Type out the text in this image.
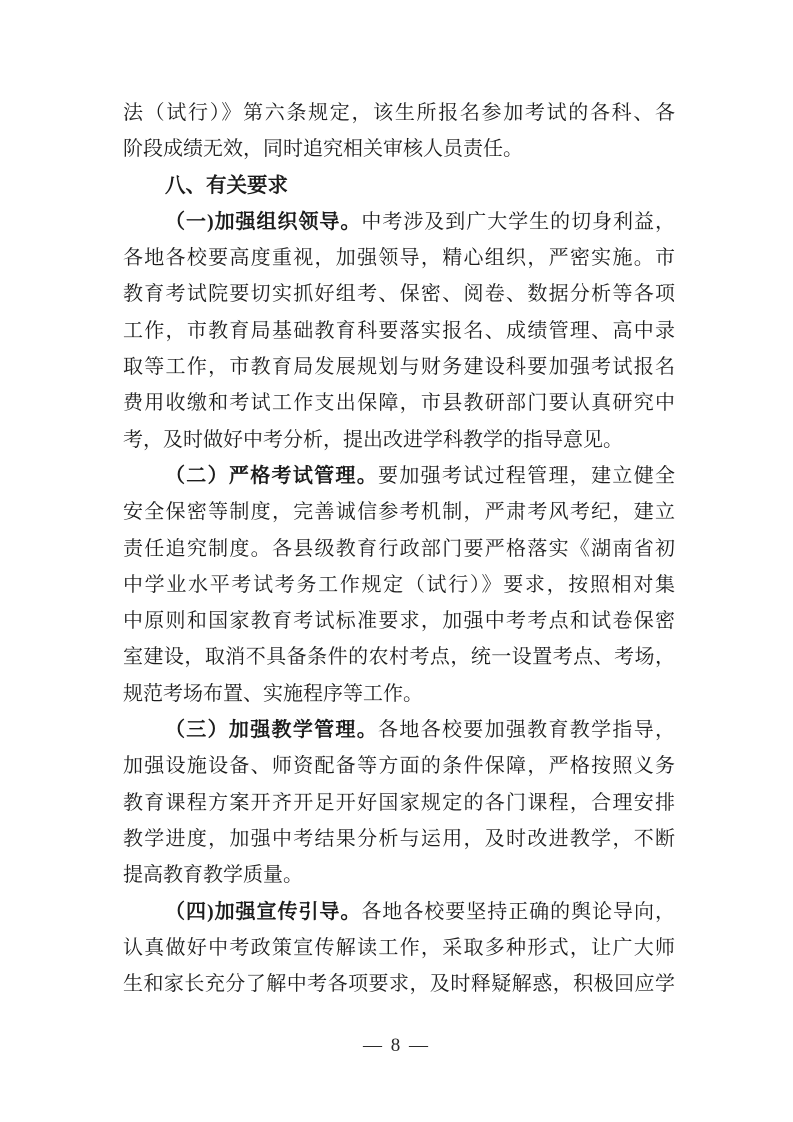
法（试行）》第六条规定，该生所报名参加考试的各科、各
阶段成绩无效，同时追究相关审核人员责任。
八、有关要求
（一)加强组织领导。中考涉及到广大学生的切身利益，
各地各校要高度重视，加强领导，精心组织，严密实施。市
教育考试院要切实抓好组考、保密、阅卷、数据分析等各项
工作，市教育局基础教育科要落实报名、成绩管理、高中录
取等工作，市教育局发展规划与财务建设科要加强考试报名
费用收缴和考试工作支出保障，市县教研部门要认真研究中
考，及时做好中考分析，提出改进学科教学的指导意见。
（二）严格考试管理。要加强考试过程管理，建立健全
安全保密等制度，完善诚信参考机制，严肃考风考纪，建立
责任追究制度。各县级教育行政部门要严格落实《湖南省初
中学业水平考试考务工作规定（试行）》要求，按照相对集
中原则和国家教育考试标准要求，加强中考考点和试卷保密
室建设，取消不具备条件的农村考点，统一设置考点、考场，
规范考场布置、实施程序等工作。
（三）加强教学管理。各地各校要加强教育教学指导，
加强设施设备、师资配备等方面的条件保障，严格按照义务
教育课程方案开齐开足开好国家规定的各门课程，合理安排
教学进度，加强中考结果分析与运用，及时改进教学，不断
提高教育教学质量。
（四)加强宣传引导。各地各校要坚持正确的舆论导向，
认真做好中考政策宣传解读工作，采取多种形式，让广大师
生和家长充分了解中考各项要求，及时释疑解惑，积极回应学
— 8 —
